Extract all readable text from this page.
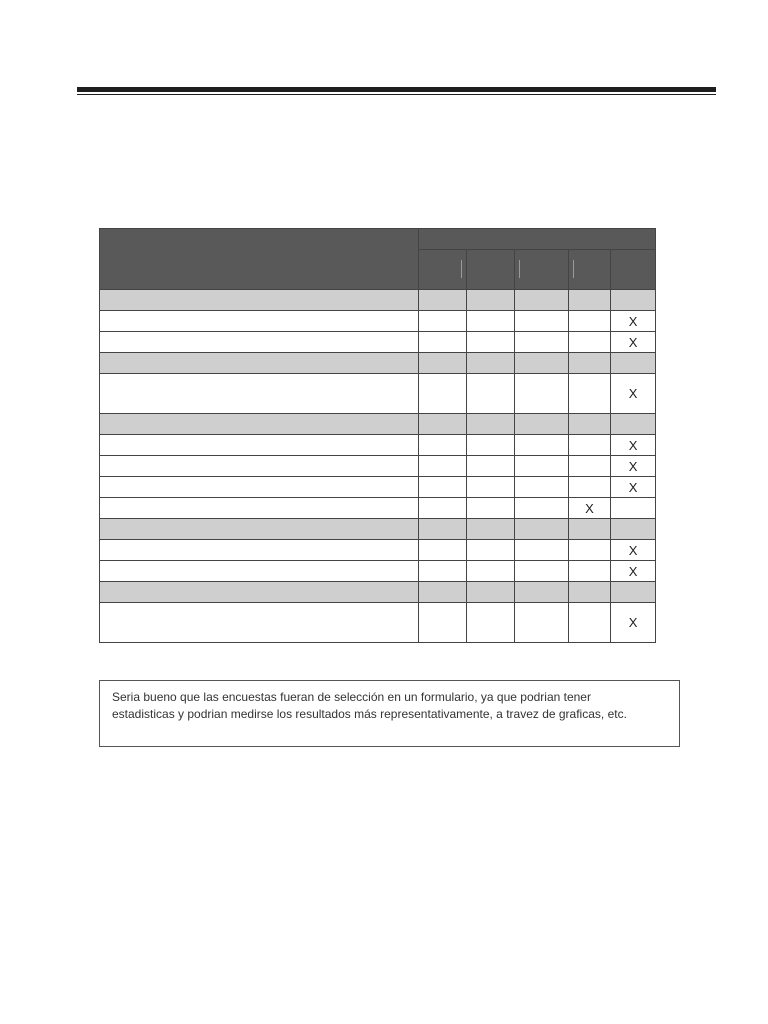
					X
					X

					X

					X
					X
					X
				X	

					X
					X

					X
Seria bueno que las encuestas fueran de selección en un formulario, ya que podrian tener
estadisticas y podrian medirse los resultados más representativamente, a travez de graficas, etc.
